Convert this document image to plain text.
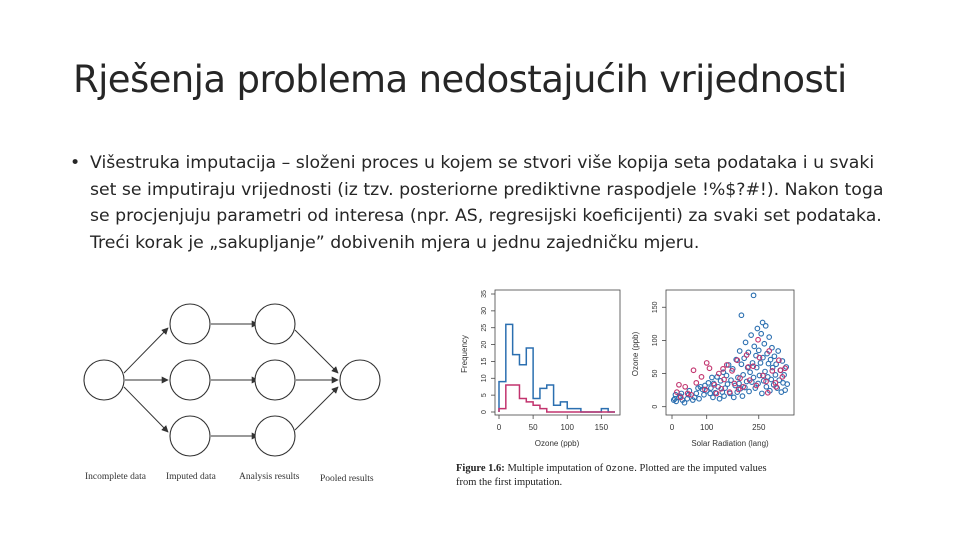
Rješenja problema nedostajućih vrijednosti
• Višestruka imputacija – složeni proces u kojem se stvori više kopija seta podataka i u svaki set se imputiraju vrijednosti (iz tzv. posteriorne prediktivne raspodjele !%$?#!). Nakon toga se procjenjuju parametri od interesa (npr. AS, regresijski koeficijenti) za svaki set podataka. Treći korak je „sakupljanje” dobivenih mjera u jednu zajedničku mjeru.
Incomplete data Imputed data Analysis results Pooled results
0	50	100	150
0
5
10
15
20
25
30
35
Frequency
Ozone (ppb)
0	100	250
0
50
100
150
Ozone (ppb)
Solar Radiation (lang)
Figure 1.6: Multiple imputation of Ozone. Plotted are the imputed values
from the first imputation.
